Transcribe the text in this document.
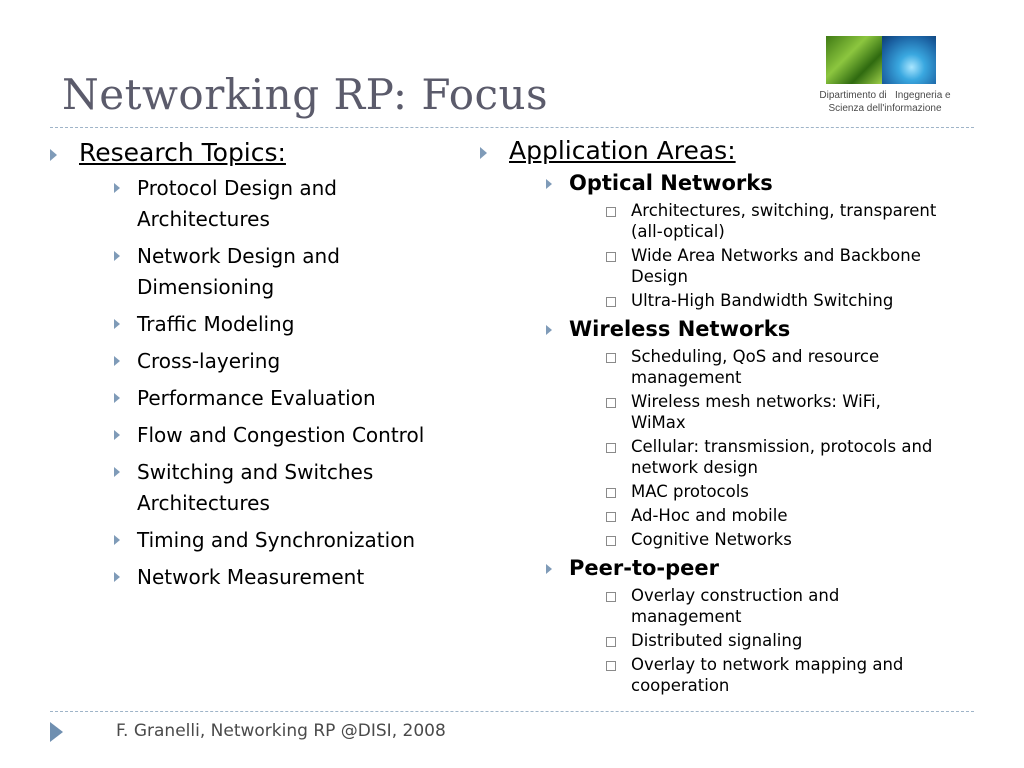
Networking RP: Focus	Dipartimento di   Ingegneria e
Scienza dell'informazione
Research Topics:
Protocol Design and Architectures
Network Design and Dimensioning
Traffic Modeling
Cross-layering
Performance Evaluation
Flow and Congestion Control
Switching and Switches Architectures
Timing and Synchronization
Network Measurement
Application Areas:
Optical Networks
Architectures, switching, transparent (all-optical)
Wide Area Networks and Backbone Design
Ultra-High Bandwidth Switching
Wireless Networks
Scheduling, QoS and resource management
Wireless mesh networks: WiFi, WiMax
Cellular: transmission, protocols and network design
MAC protocols
Ad-Hoc and mobile
Cognitive Networks
Peer-to-peer
Overlay construction and management
Distributed signaling
Overlay to network mapping and cooperation
F. Granelli, Networking RP @DISI, 2008
